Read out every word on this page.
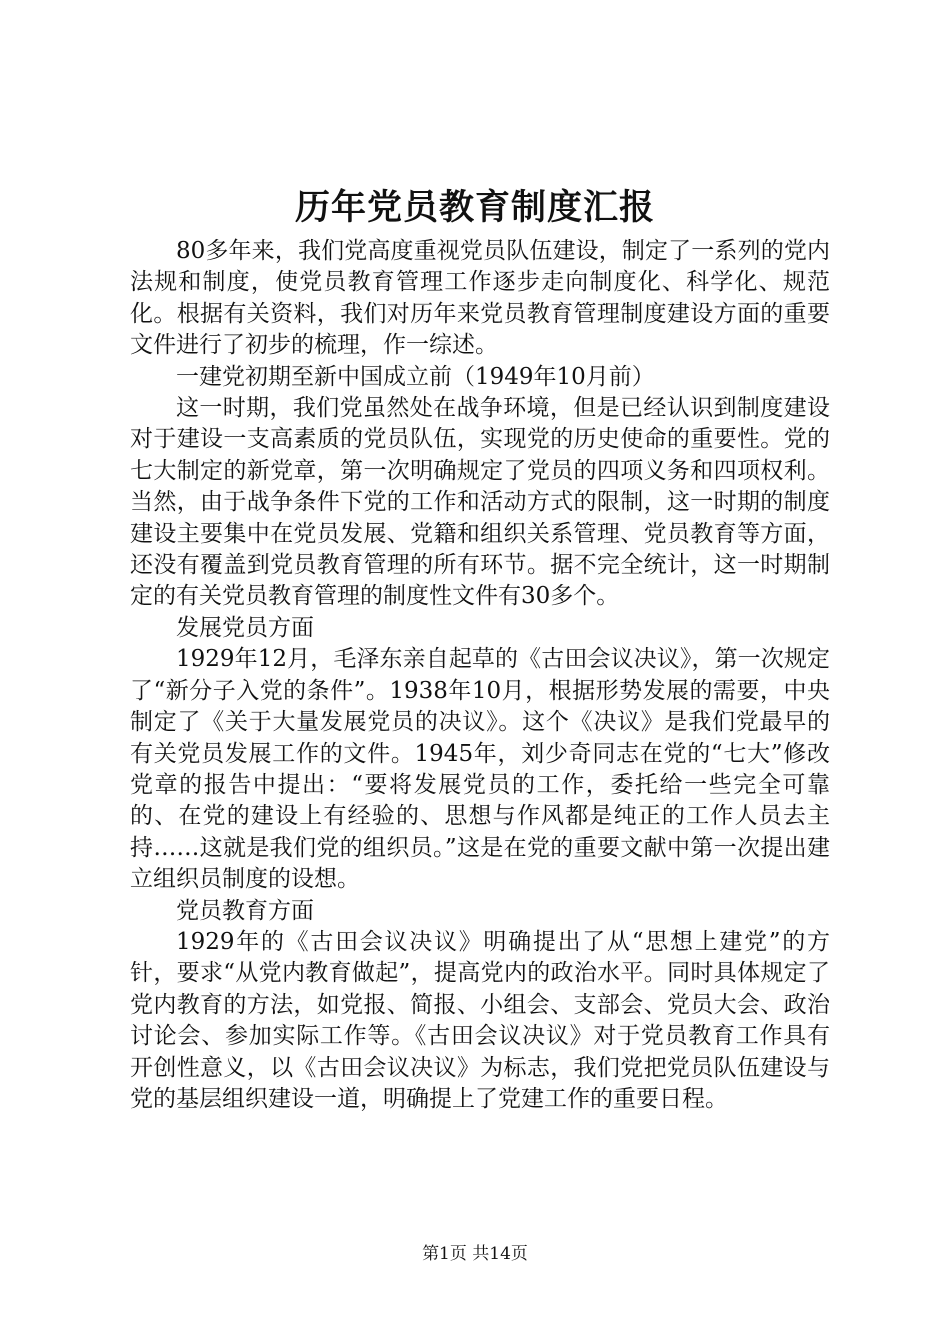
历年党员教育制度汇报

80多年来，我们党高度重视党员队伍建设，制定了一系列的党内法规和制度，使党员教育管理工作逐步走向制度化、科学化、规范化。根据有关资料，我们对历年来党员教育管理制度建设方面的重要文件进行了初步的梳理，作一综述。

一建党初期至新中国成立前（1949年10月前）

这一时期，我们党虽然处在战争环境，但是已经认识到制度建设对于建设一支高素质的党员队伍，实现党的历史使命的重要性。党的七大制定的新党章，第一次明确规定了党员的四项义务和四项权利。当然，由于战争条件下党的工作和活动方式的限制，这一时期的制度建设主要集中在党员发展、党籍和组织关系管理、党员教育等方面，还没有覆盖到党员教育管理的所有环节。据不完全统计，这一时期制定的有关党员教育管理的制度性文件有30多个。

发展党员方面

1929年12月，毛泽东亲自起草的《古田会议决议》，第一次规定了“新分子入党的条件”。1938年10月，根据形势发展的需要，中央制定了《关于大量发展党员的决议》。这个《决议》是我们党最早的有关党员发展工作的文件。1945年，刘少奇同志在党的“七大”修改党章的报告中提出：“要将发展党员的工作，委托给一些完全可靠的、在党的建设上有经验的、思想与作风都是纯正的工作人员去主持……这就是我们党的组织员。”这是在党的重要文献中第一次提出建立组织员制度的设想。

党员教育方面

1929年的《古田会议决议》明确提出了从“思想上建党”的方针，要求“从党内教育做起”，提高党内的政治水平。同时具体规定了党内教育的方法，如党报、简报、小组会、支部会、党员大会、政治讨论会、参加实际工作等。《古田会议决议》对于党员教育工作具有开创性意义，以《古田会议决议》为标志，我们党把党员队伍建设与党的基层组织建设一道，明确提上了党建工作的重要日程。

第1页 共14页
